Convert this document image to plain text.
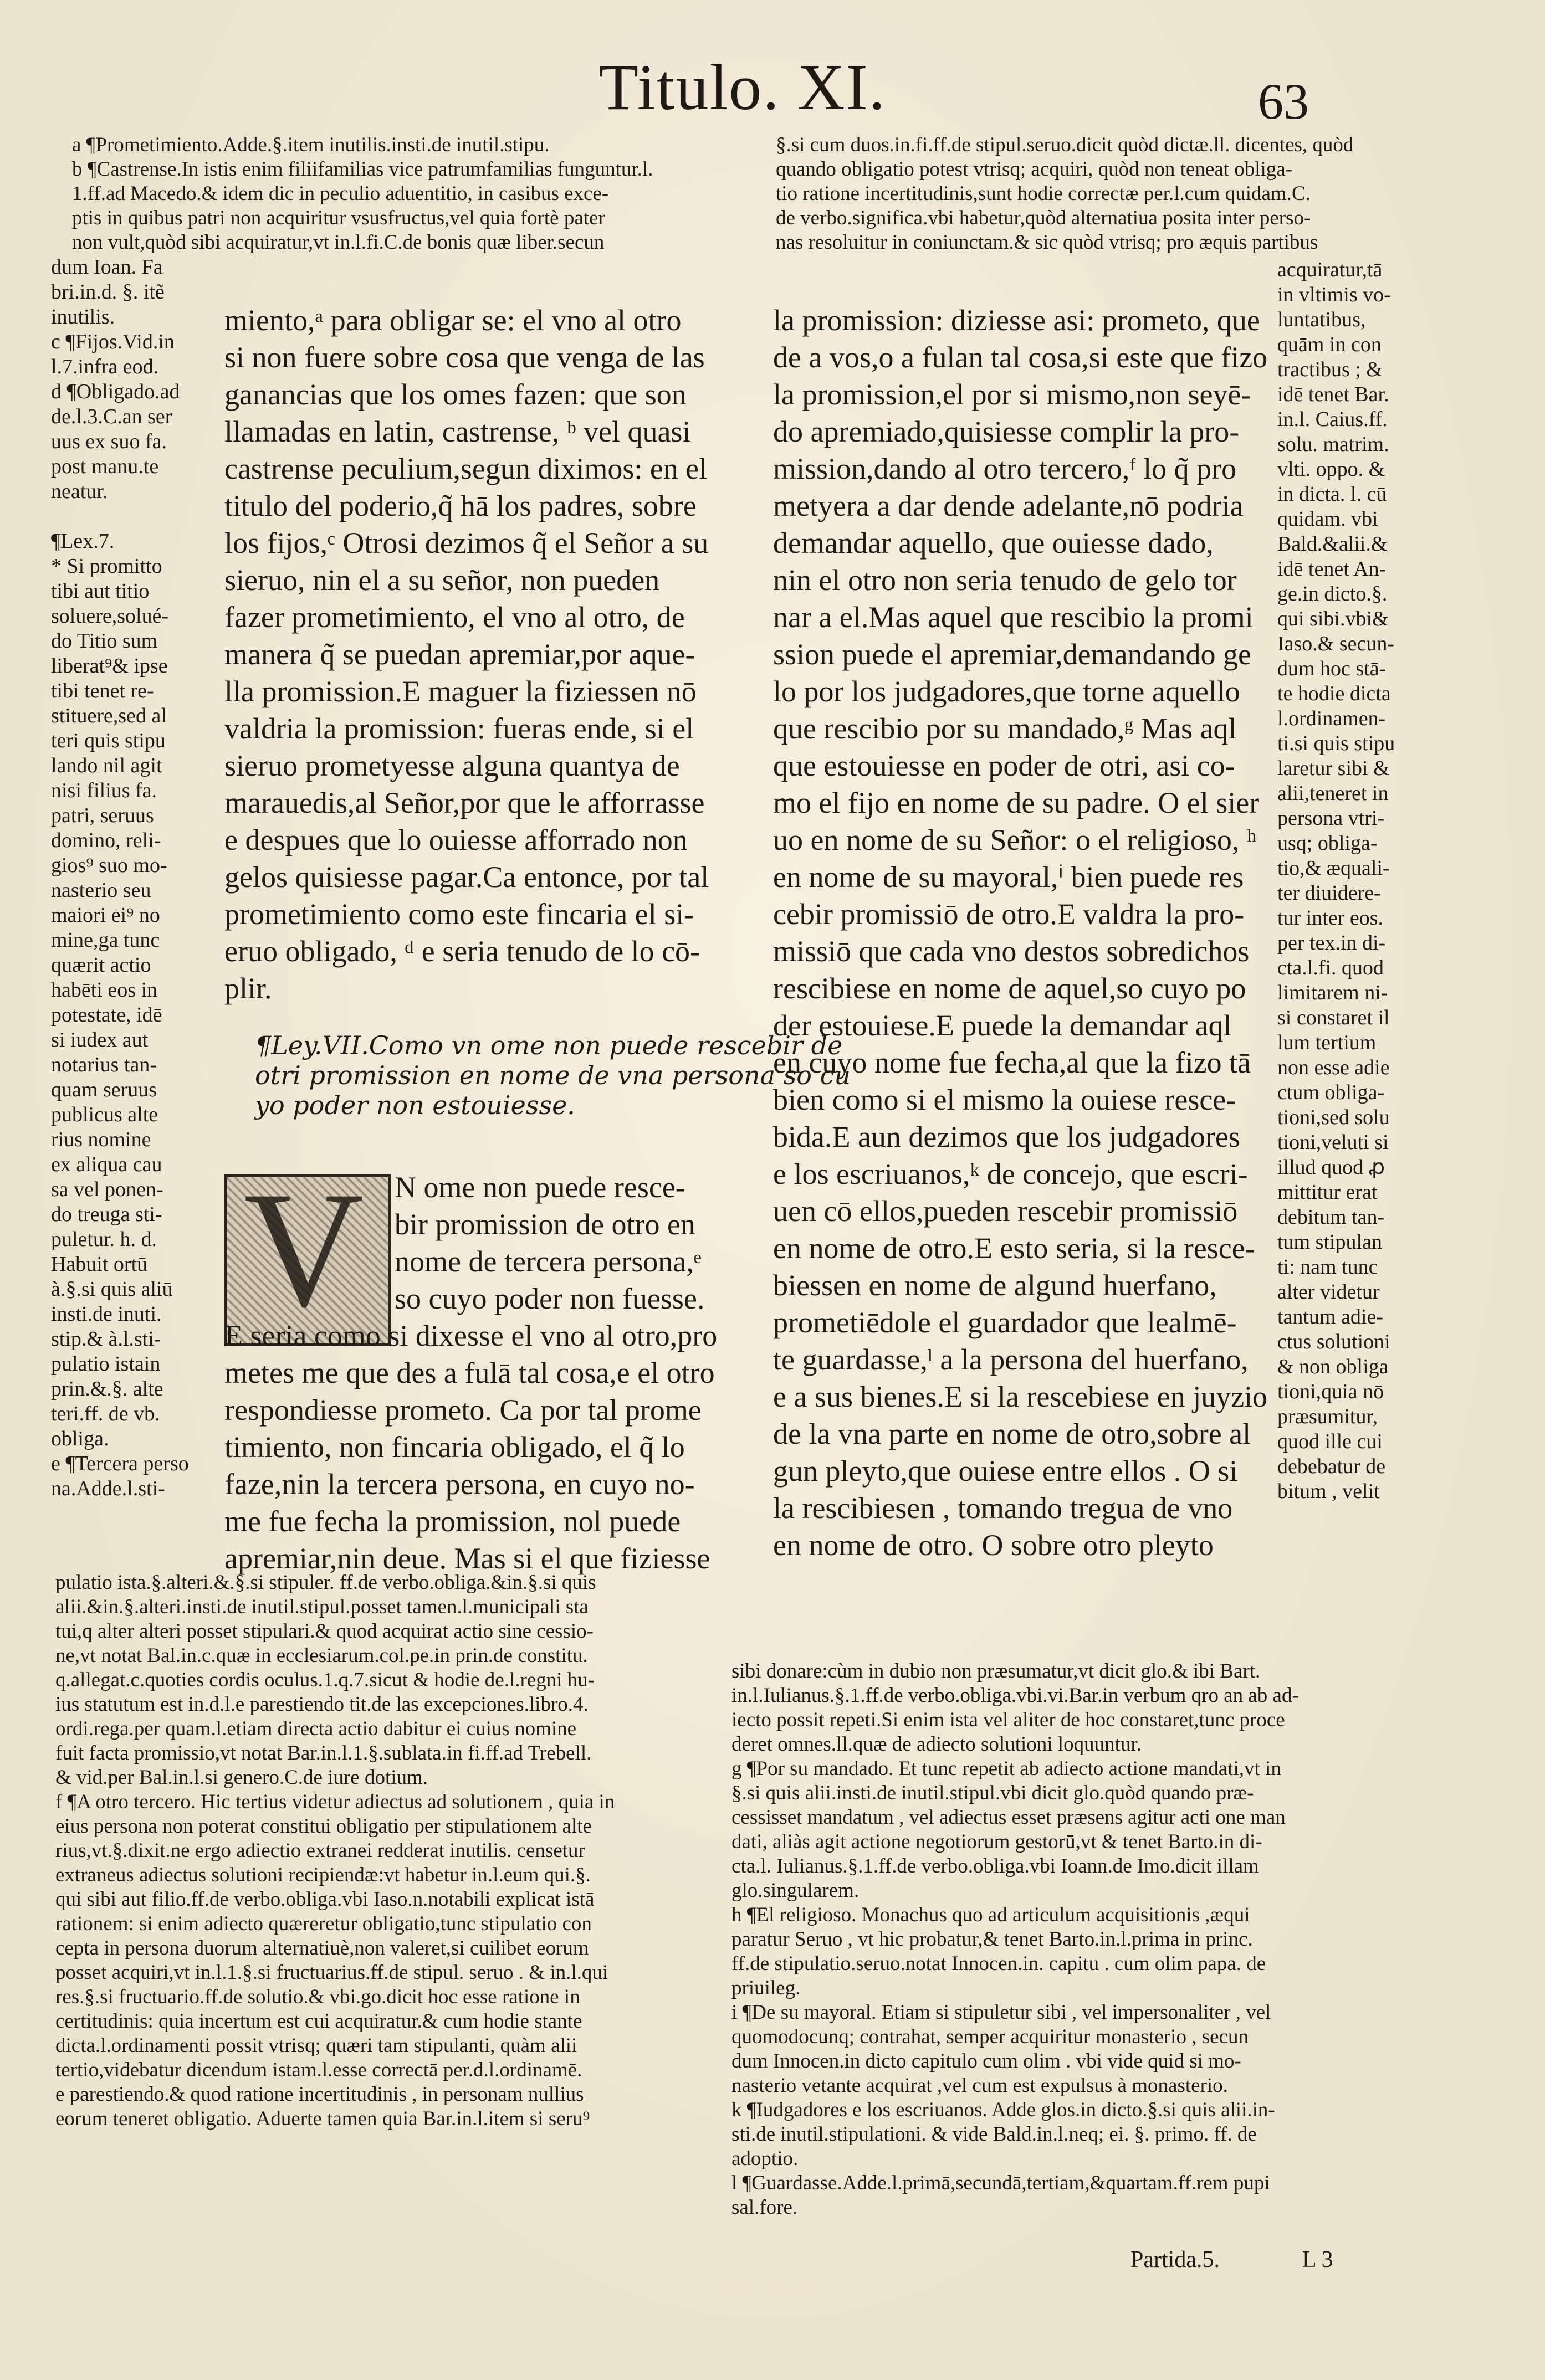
Titulo. XI.	63
a ¶Prometimiento.Adde.§.item inutilis.insti.de inutil.stipu.
b ¶Castrense.In istis enim filiifamilias vice patrumfamilias funguntur.l.
1.ff.ad Macedo.& idem dic in peculio aduentitio, in casibus exce-
ptis in quibus patri non acquiritur vsusfructus,vel quia fortè pater
non vult,quòd sibi acquiratur,vt in.l.fi.C.de bonis quæ liber.secun
§.si cum duos.in.fi.ff.de stipul.seruo.dicit quòd dictæ.ll. dicentes, quòd
quando obligatio potest vtrisq; acquiri, quòd non teneat obliga-
tio ratione incertitudinis,sunt hodie correctæ per.l.cum quidam.C.
de verbo.significa.vbi habetur,quòd alternatiua posita inter perso-
nas resoluitur in coniunctam.& sic quòd vtrisq; pro æquis partibus
dum Ioan. Fa
bri.in.d. §. itẽ
inutilis.
c ¶Fijos.Vid.in
l.7.infra eod.
d ¶Obligado.ad
de.l.3.C.an ser
uus ex suo fa.
post manu.te
neatur.

¶Lex.7.
* Si promitto
tibi aut titio
soluere,solué-
do Titio sum
liberat⁹& ipse
tibi tenet re-
stituere,sed al
teri quis stipu
lando nil agit
nisi filius fa.
patri, seruus
domino, reli-
gios⁹ suo mo-
nasterio seu
maiori ei⁹ no
mine,ga tunc
quærit actio
habēti eos in
potestate, idē
si iudex aut
notarius tan-
quam seruus
publicus alte
rius nomine
ex aliqua cau
sa vel ponen-
do treuga sti-
puletur. h. d.
Habuit ortū
à.§.si quis aliū
insti.de inuti.
stip.& à.l.sti-
pulatio istain
prin.&.§. alte
teri.ff. de vb.
obliga.
e ¶Tercera perso
na.Adde.l.sti-
miento,ᵃ para obligar se: el vno al otro
si non fuere sobre cosa que venga de las
ganancias que los omes fazen: que son
llamadas en latin, castrense, ᵇ vel quasi
castrense peculium,segun diximos: en el
titulo del poderio,q̃ hā los padres, sobre
los fijos,ᶜ Otrosi dezimos q̃ el Señor a su
sieruo, nin el a su señor, non pueden
fazer prometimiento, el vno al otro, de
manera q̃ se puedan apremiar,por aque-
lla promission.E maguer la fiziessen nō
valdria la promission: fueras ende, si el
sieruo prometyesse alguna quantya de
marauedis,al Señor,por que le afforrasse
e despues que lo ouiesse afforrado non
gelos quisiesse pagar.Ca entonce, por tal
prometimiento como este fincaria el si-
eruo obligado, ᵈ e seria tenudo de lo cō-
plir.
¶Ley.VII.Como vn ome non puede rescebir de
otri promission en nome de vna persona so cu
yo poder non estouiesse.
V N ome non puede resce-
bir promission de otro en
nome de tercera persona,ᵉ
so cuyo poder non fuesse.
E seria como si dixesse el vno al otro,pro
metes me que des a fulā tal cosa,e el otro
respondiesse prometo. Ca por tal prome
timiento, non fincaria obligado, el q̃ lo
faze,nin la tercera persona, en cuyo no-
me fue fecha la promission, nol puede
apremiar,nin deue. Mas si el que fiziesse
la promission: diziesse asi: prometo, que
de a vos,o a fulan tal cosa,si este que fizo
la promission,el por si mismo,non seyē-
do apremiado,quisiesse complir la pro-
mission,dando al otro tercero,ᶠ lo q̃ pro
metyera a dar dende adelante,nō podria
demandar aquello, que ouiesse dado,
nin el otro non seria tenudo de gelo tor
nar a el.Mas aquel que rescibio la promi
ssion puede el apremiar,demandando ge
lo por los judgadores,que torne aquello
que rescibio por su mandado,ᵍ Mas aql
que estouiesse en poder de otri, asi co-
mo el fijo en nome de su padre. O el sier
uo en nome de su Señor: o el religioso, ʰ
en nome de su mayoral,ⁱ bien puede res
cebir promissiō de otro.E valdra la pro-
missiō que cada vno destos sobredichos
rescibiese en nome de aquel,so cuyo po
der estouiese.E puede la demandar aql
en cuyo nome fue fecha,al que la fizo tā
bien como si el mismo la ouiese resce-
bida.E aun dezimos que los judgadores
e los escriuanos,ᵏ de concejo, que escri-
uen cō ellos,pueden rescebir promissiō
en nome de otro.E esto seria, si la resce-
biessen en nome de algund huerfano,
prometiēdole el guardador que lealmē-
te guardasse,ˡ a la persona del huerfano,
e a sus bienes.E si la rescebiese en juyzio
de la vna parte en nome de otro,sobre al
gun pleyto,que ouiese entre ellos . O si
la rescibiesen , tomando tregua de vno
en nome de otro. O sobre otro pleyto
acquiratur,tā
in vltimis vo-
luntatibus,
quām in con
tractibus ; &
idē tenet Bar.
in.l. Caius.ff.
solu. matrim.
vlti. oppo. &
in dicta. l. cū
quidam. vbi
Bald.&alii.&
idē tenet An-
ge.in dicto.§.
qui sibi.vbi&
Iaso.& secun-
dum hoc stā-
te hodie dicta
l.ordinamen-
ti.si quis stipu
laretur sibi &
alii,teneret in
persona vtri-
usq; obliga-
tio,& æquali-
ter diuidere-
tur inter eos.
per tex.in di-
cta.l.fi. quod
limitarem ni-
si constaret il
lum tertium
non esse adie
ctum obliga-
tioni,sed solu
tioni,veluti si
illud quod ꝓ
mittitur erat
debitum tan-
tum stipulan
ti: nam tunc
alter videtur
tantum adie-
ctus solutioni
& non obliga
tioni,quia nō
præsumitur,
quod ille cui
debebatur de
bitum , velit
pulatio ista.§.alteri.&.§.si stipuler. ff.de verbo.obliga.&in.§.si quis
alii.&in.§.alteri.insti.de inutil.stipul.posset tamen.l.municipali sta
tui,q alter alteri posset stipulari.& quod acquirat actio sine cessio-
ne,vt notat Bal.in.c.quæ in ecclesiarum.col.pe.in prin.de constitu.
q.allegat.c.quoties cordis oculus.1.q.7.sicut & hodie de.l.regni hu-
ius statutum est in.d.l.e parestiendo tit.de las excepciones.libro.4.
ordi.rega.per quam.l.etiam directa actio dabitur ei cuius nomine
fuit facta promissio,vt notat Bar.in.l.1.§.sublata.in fi.ff.ad Trebell.
& vid.per Bal.in.l.si genero.C.de iure dotium.
f ¶A otro tercero. Hic tertius videtur adiectus ad solutionem , quia in
eius persona non poterat constitui obligatio per stipulationem alte
rius,vt.§.dixit.ne ergo adiectio extranei redderat inutilis. censetur
extraneus adiectus solutioni recipiendæ:vt habetur in.l.eum qui.§.
qui sibi aut filio.ff.de verbo.obliga.vbi Iaso.n.notabili explicat istā
rationem: si enim adiecto quæreretur obligatio,tunc stipulatio con
cepta in persona duorum alternatiuè,non valeret,si cuilibet eorum
posset acquiri,vt in.l.1.§.si fructuarius.ff.de stipul. seruo . & in.l.qui
res.§.si fructuario.ff.de solutio.& vbi.go.dicit hoc esse ratione in
certitudinis: quia incertum est cui acquiratur.& cum hodie stante
dicta.l.ordinamenti possit vtrisq; quæri tam stipulanti, quàm alii
tertio,videbatur dicendum istam.l.esse correctā per.d.l.ordinamē.
e parestiendo.& quod ratione incertitudinis , in personam nullius
eorum teneret obligatio. Aduerte tamen quia Bar.in.l.item si seru⁹
sibi donare:cùm in dubio non præsumatur,vt dicit glo.& ibi Bart.
in.l.Iulianus.§.1.ff.de verbo.obliga.vbi.vi.Bar.in verbum qro an ab ad-
iecto possit repeti.Si enim ista vel aliter de hoc constaret,tunc proce
deret omnes.ll.quæ de adiecto solutioni loquuntur.
g ¶Por su mandado. Et tunc repetit ab adiecto actione mandati,vt in
§.si quis alii.insti.de inutil.stipul.vbi dicit glo.quòd quando præ-
cessisset mandatum , vel adiectus esset præsens agitur acti one man
dati, aliàs agit actione negotiorum gestorū,vt & tenet Barto.in di-
cta.l. Iulianus.§.1.ff.de verbo.obliga.vbi Ioann.de Imo.dicit illam
glo.singularem.
h ¶El religioso. Monachus quo ad articulum acquisitionis ,æqui
paratur Seruo , vt hic probatur,& tenet Barto.in.l.prima in princ.
ff.de stipulatio.seruo.notat Innocen.in. capitu . cum olim papa. de
priuileg.
i ¶De su mayoral. Etiam si stipuletur sibi , vel impersonaliter , vel
quomodocunq; contrahat, semper acquiritur monasterio , secun
dum Innocen.in dicto capitulo cum olim . vbi vide quid si mo-
nasterio vetante acquirat ,vel cum est expulsus à monasterio.
k ¶Iudgadores e los escriuanos. Adde glos.in dicto.§.si quis alii.in-
sti.de inutil.stipulationi. & vide Bald.in.l.neq; ei. §. primo. ff. de
adoptio.
l ¶Guardasse.Adde.l.primā,secundā,tertiam,&quartam.ff.rem pupi
sal.fore.
Partida.5.	L 3
